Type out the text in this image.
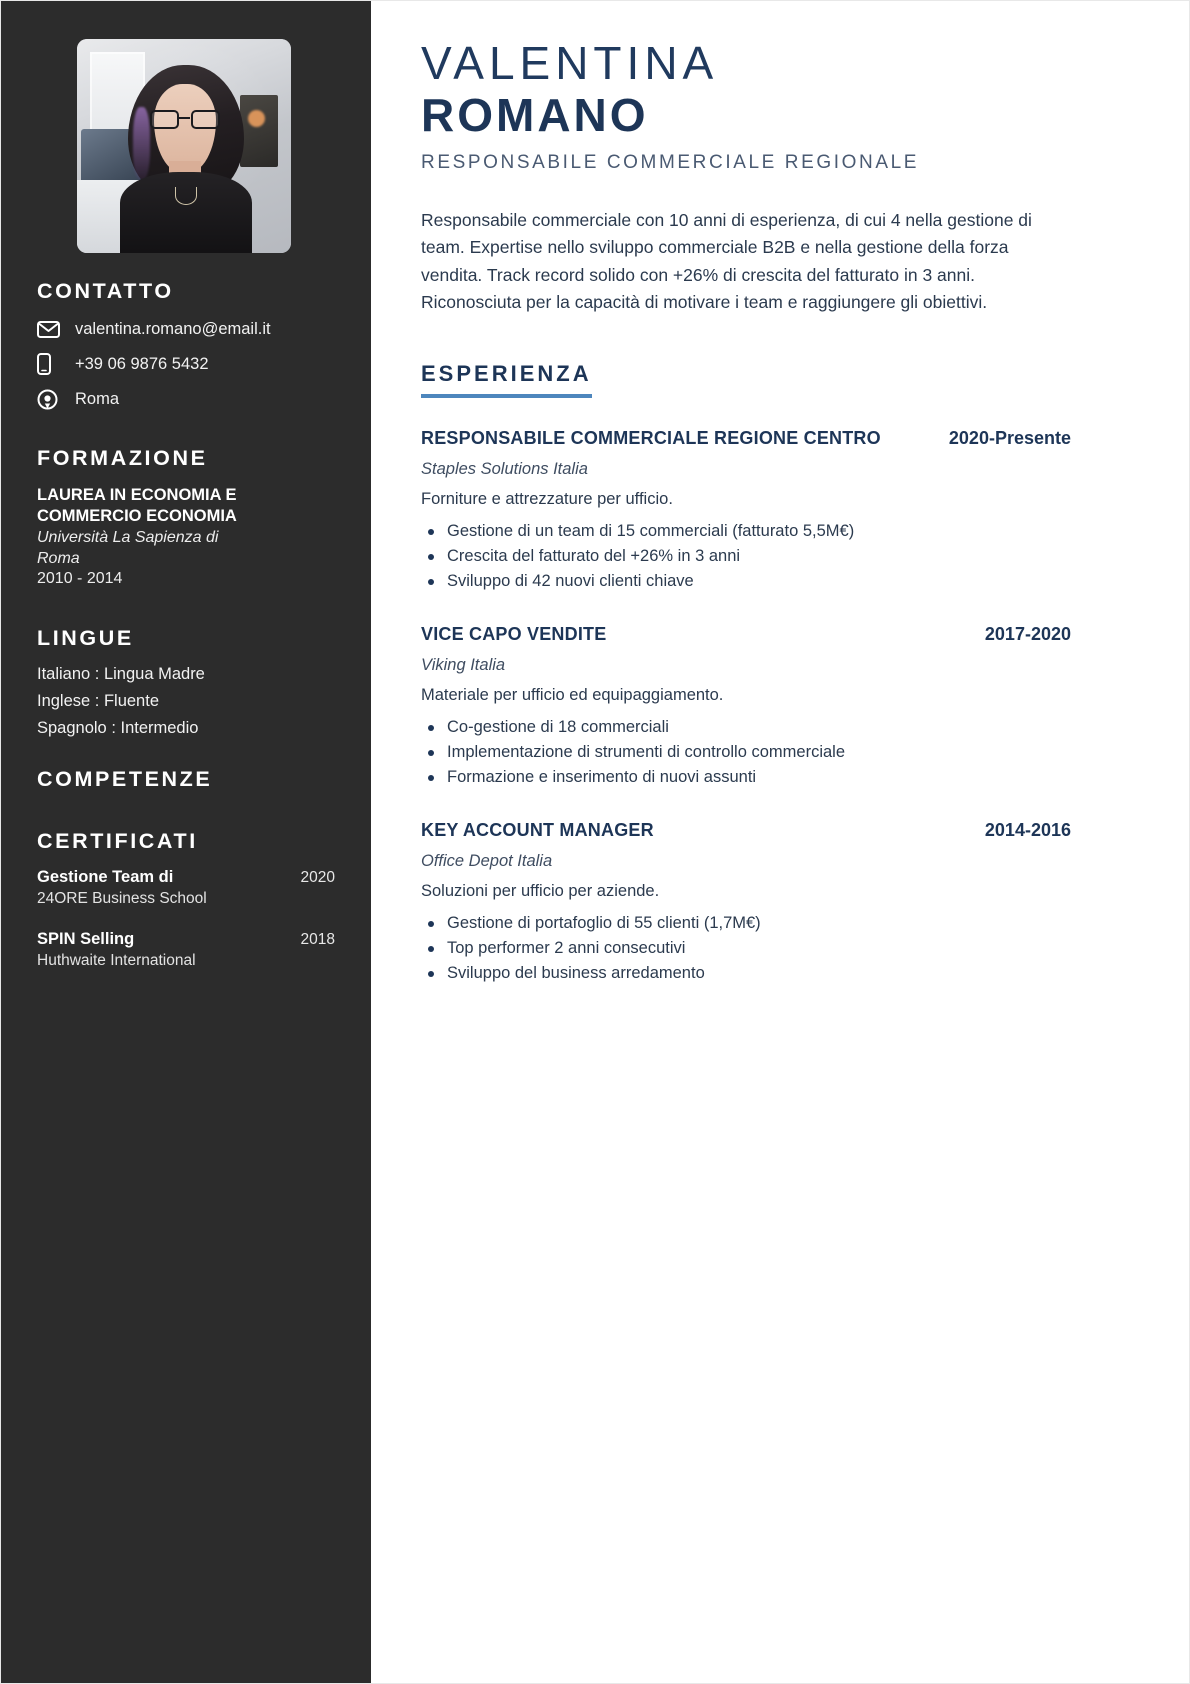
CONTATTO
valentina.romano@email.it
+39 06 9876 5432
Roma
FORMAZIONE
LAUREA IN ECONOMIA E COMMERCIO ECONOMIA
Università La Sapienza di Roma
2010 - 2014
LINGUE
Italiano : Lingua Madre
Inglese : Fluente
Spagnolo : Intermedio
COMPETENZE
CERTIFICATI
Gestione Team di	2020
24ORE Business School
SPIN Selling	2018
Huthwaite International
VALENTINA
ROMANO
RESPONSABILE COMMERCIALE REGIONALE

Responsabile commerciale con 10 anni di esperienza, di cui 4 nella gestione di team. Expertise nello sviluppo commerciale B2B e nella gestione della forza vendita. Track record solido con +26% di crescita del fatturato in 3 anni. Riconosciuta per la capacità di motivare i team e raggiungere gli obiettivi.

ESPERIENZA
RESPONSABILE COMMERCIALE REGIONE CENTRO	2020-Presente
Staples Solutions Italia
Forniture e attrezzature per ufficio.
Gestione di un team di 15 commerciali (fatturato 5,5M€)
Crescita del fatturato del +26% in 3 anni
Sviluppo di 42 nuovi clienti chiave
VICE CAPO VENDITE	2017-2020
Viking Italia
Materiale per ufficio ed equipaggiamento.
Co-gestione di 18 commerciali
Implementazione di strumenti di controllo commerciale
Formazione e inserimento di nuovi assunti
KEY ACCOUNT MANAGER	2014-2016
Office Depot Italia
Soluzioni per ufficio per aziende.
Gestione di portafoglio di 55 clienti (1,7M€)
Top performer 2 anni consecutivi
Sviluppo del business arredamento
